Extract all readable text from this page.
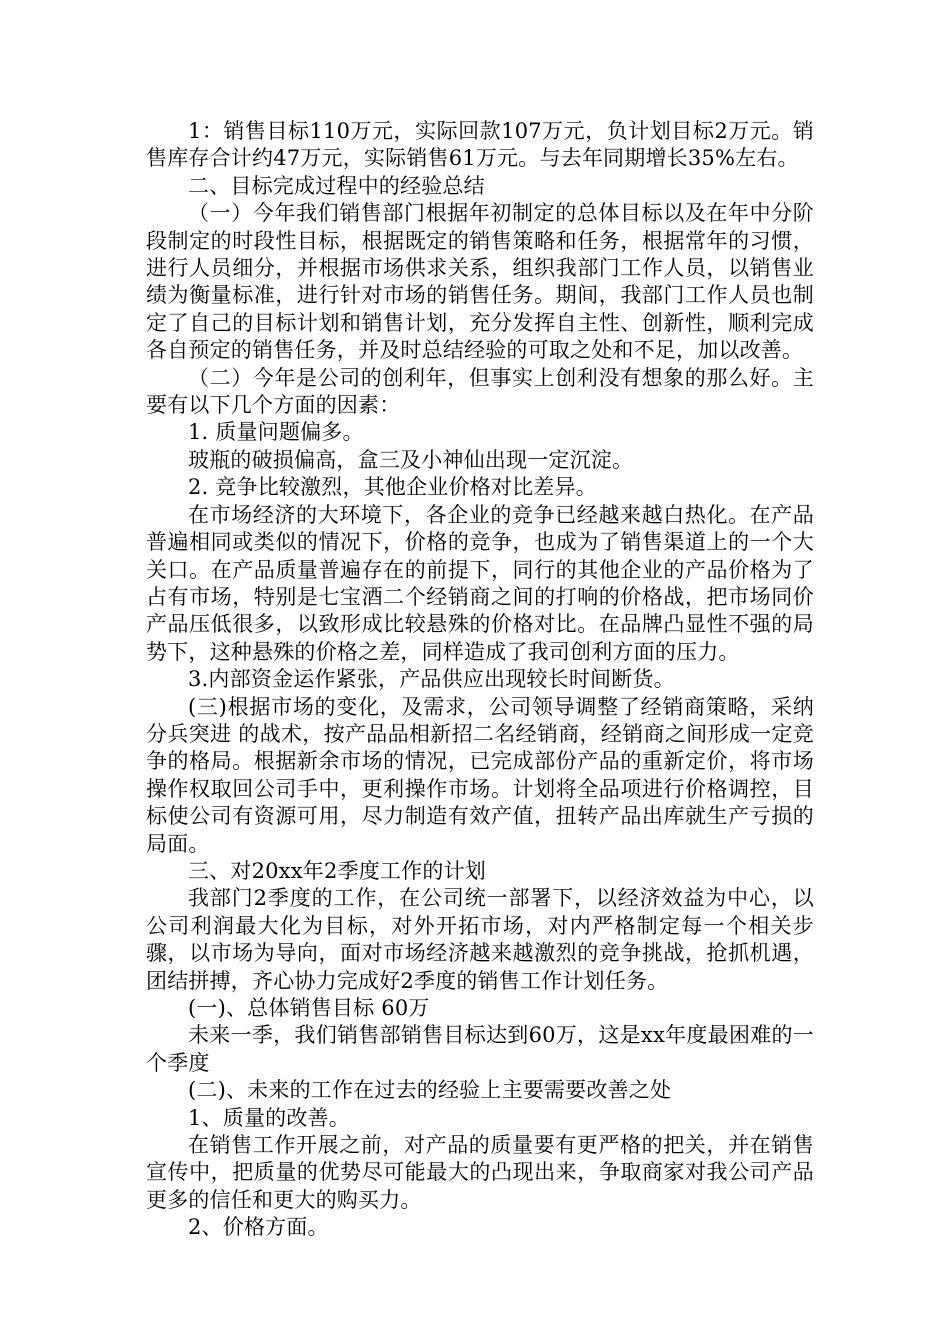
1：销售目标110万元，实际回款107万元，负计划目标2万元。销售库存合计约47万元，实际销售61万元。与去年同期增长35%左右。

二、目标完成过程中的经验总结

（一）今年我们销售部门根据年初制定的总体目标以及在年中分阶段制定的时段性目标，根据既定的销售策略和任务，根据常年的习惯，进行人员细分，并根据市场供求关系，组织我部门工作人员，以销售业绩为衡量标准，进行针对市场的销售任务。期间，我部门工作人员也制定了自己的目标计划和销售计划，充分发挥自主性、创新性，顺利完成各自预定的销售任务，并及时总结经验的可取之处和不足，加以改善。

（二）今年是公司的创利年，但事实上创利没有想象的那么好。主要有以下几个方面的因素：

1. 质量问题偏多。

玻瓶的破损偏高，盒三及小神仙出现一定沉淀。

2. 竞争比较激烈，其他企业价格对比差异。

在市场经济的大环境下，各企业的竞争已经越来越白热化。在产品普遍相同或类似的情况下，价格的竞争，也成为了销售渠道上的一个大关口。在产品质量普遍存在的前提下，同行的其他企业的产品价格为了占有市场，特别是七宝酒二个经销商之间的打响的价格战，把市场同价产品压低很多，以致形成比较悬殊的价格对比。在品牌凸显性不强的局势下，这种悬殊的价格之差，同样造成了我司创利方面的压力。

3.内部资金运作紧张，产品供应出现较长时间断货。

(三)根据市场的变化，及需求，公司领导调整了经销商策略，采纳 分兵突进 的战术，按产品品相新招二名经销商，经销商之间形成一定竞争的格局。根据新余市场的情况，已完成部份产品的重新定价，将市场操作权取回公司手中，更利操作市场。计划将全品项进行价格调控，目标使公司有资源可用，尽力制造有效产值，扭转产品出库就生产亏损的局面。

三、对20xx年2季度工作的计划

我部门2季度的工作，在公司统一部署下，以经济效益为中心，以公司利润最大化为目标，对外开拓市场，对内严格制定每一个相关步骤，以市场为导向，面对市场经济越来越激烈的竞争挑战，抢抓机遇，团结拼搏，齐心协力完成好2季度的销售工作计划任务。

(一)、总体销售目标 60万

未来一季，我们销售部销售目标达到60万，这是xx年度最困难的一个季度

(二)、未来的工作在过去的经验上主要需要改善之处

1、质量的改善。

在销售工作开展之前，对产品的质量要有更严格的把关，并在销售宣传中，把质量的优势尽可能最大的凸现出来，争取商家对我公司产品更多的信任和更大的购买力。

2、价格方面。
